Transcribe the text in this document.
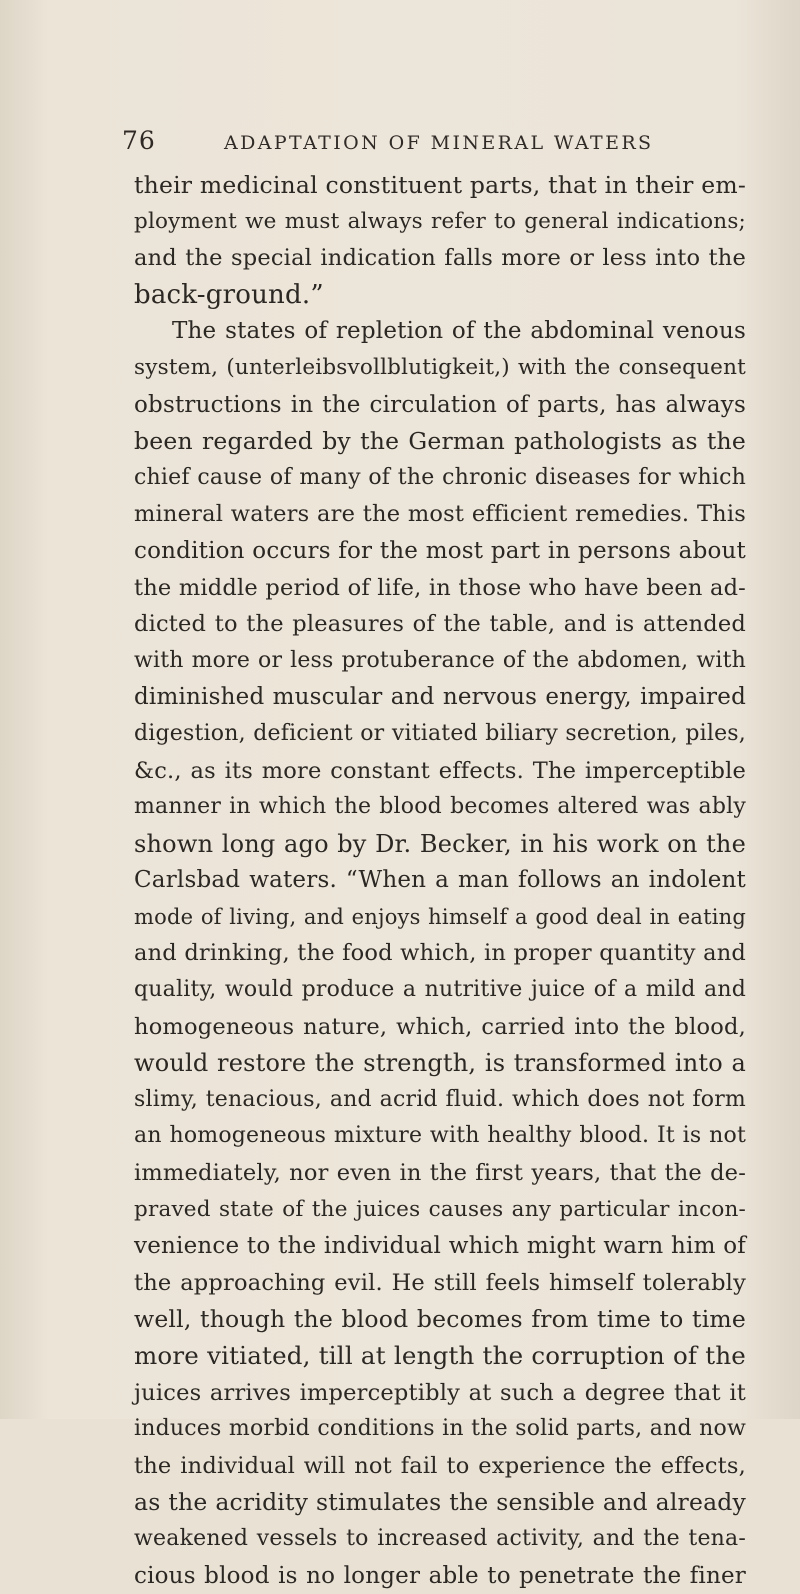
76	ADAPTATION OF MINERAL WATERS
their medicinal constituent parts, that in their em-
ployment we must always refer to general indications;
and the special indication falls more or less into the
back-ground.”
The states of repletion of the abdominal venous
system, (unterleibsvollblutigkeit,) with the consequent
obstructions in the circulation of parts, has always
been regarded by the German pathologists as the
chief cause of many of the chronic diseases for which
mineral waters are the most efficient remedies. This
condition occurs for the most part in persons about
the middle period of life, in those who have been ad-
dicted to the pleasures of the table, and is attended
with more or less protuberance of the abdomen, with
diminished muscular and nervous energy, impaired
digestion, deficient or vitiated biliary secretion, piles,
&c., as its more constant effects. The imperceptible
manner in which the blood becomes altered was ably
shown long ago by Dr. Becker, in his work on the
Carlsbad waters. “When a man follows an indolent
mode of living, and enjoys himself a good deal in eating
and drinking, the food which, in proper quantity and
quality, would produce a nutritive juice of a mild and
homogeneous nature, which, carried into the blood,
would restore the strength, is transformed into a
slimy, tenacious, and acrid fluid. which does not form
an homogeneous mixture with healthy blood. It is not
immediately, nor even in the first years, that the de-
praved state of the juices causes any particular incon-
venience to the individual which might warn him of
the approaching evil. He still feels himself tolerably
well, though the blood becomes from time to time
more vitiated, till at length the corruption of the
juices arrives imperceptibly at such a degree that it
induces morbid conditions in the solid parts, and now
the individual will not fail to experience the effects,
as the acridity stimulates the sensible and already
weakened vessels to increased activity, and the tena-
cious blood is no longer able to penetrate the finer
